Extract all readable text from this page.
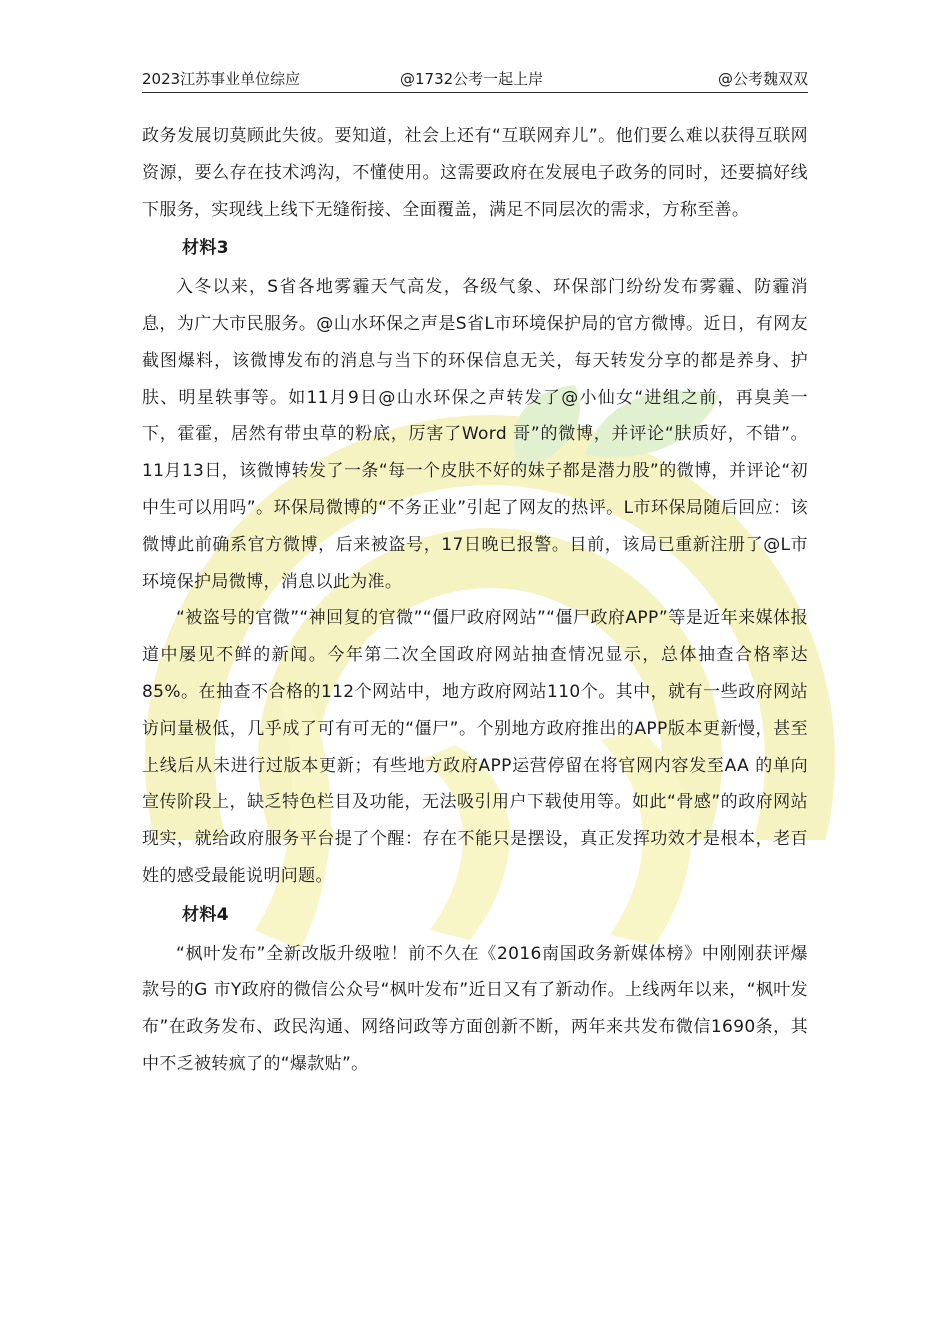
2023江苏事业单位综应	@1732公考一起上岸	@公考魏双双

政务发展切莫顾此失彼。要知道，社会上还有“互联网弃儿”。他们要么难以获得互联网资源，要么存在技术鸿沟，不懂使用。这需要政府在发展电子政务的同时，还要搞好线下服务，实现线上线下无缝衔接、全面覆盖，满足不同层次的需求，方称至善。

材料3

入冬以来，S省各地雾霾天气高发，各级气象、环保部门纷纷发布雾霾、防霾消息，为广大市民服务。@山水环保之声是S省L市环境保护局的官方微博。近日，有网友截图爆料，该微博发布的消息与当下的环保信息无关，每天转发分享的都是养身、护肤、明星轶事等。如11月9日@山水环保之声转发了@小仙女“进组之前，再臭美一下，霍霍，居然有带虫草的粉底，厉害了Word 哥”的微博，并评论“肤质好，不错”。11月13日，该微博转发了一条“每一个皮肤不好的妹子都是潜力股”的微博，并评论“初中生可以用吗”。环保局微博的“不务正业”引起了网友的热评。L市环保局随后回应：该微博此前确系官方微博，后来被盗号，17日晚已报警。目前，该局已重新注册了@L市环境保护局微博，消息以此为准。

“被盗号的官微”“神回复的官微”“僵尸政府网站”“僵尸政府APP”等是近年来媒体报道中屡见不鲜的新闻。今年第二次全国政府网站抽查情况显示，总体抽查合格率达85%。在抽查不合格的112个网站中，地方政府网站110个。其中，就有一些政府网站访问量极低，几乎成了可有可无的“僵尸”。个别地方政府推出的APP版本更新慢，甚至上线后从未进行过版本更新；有些地方政府APP运营停留在将官网内容发至AA 的单向宣传阶段上，缺乏特色栏目及功能，无法吸引用户下载使用等。如此“骨感”的政府网站现实，就给政府服务平台提了个醒：存在不能只是摆设，真正发挥功效才是根本，老百姓的感受最能说明问题。

材料4

“枫叶发布”全新改版升级啦！前不久在《2016南国政务新媒体榜》中刚刚获评爆款号的G 市Y政府的微信公众号“枫叶发布”近日又有了新动作。上线两年以来，“枫叶发布”在政务发布、政民沟通、网络问政等方面创新不断，两年来共发布微信1690条，其中不乏被转疯了的“爆款贴”。
